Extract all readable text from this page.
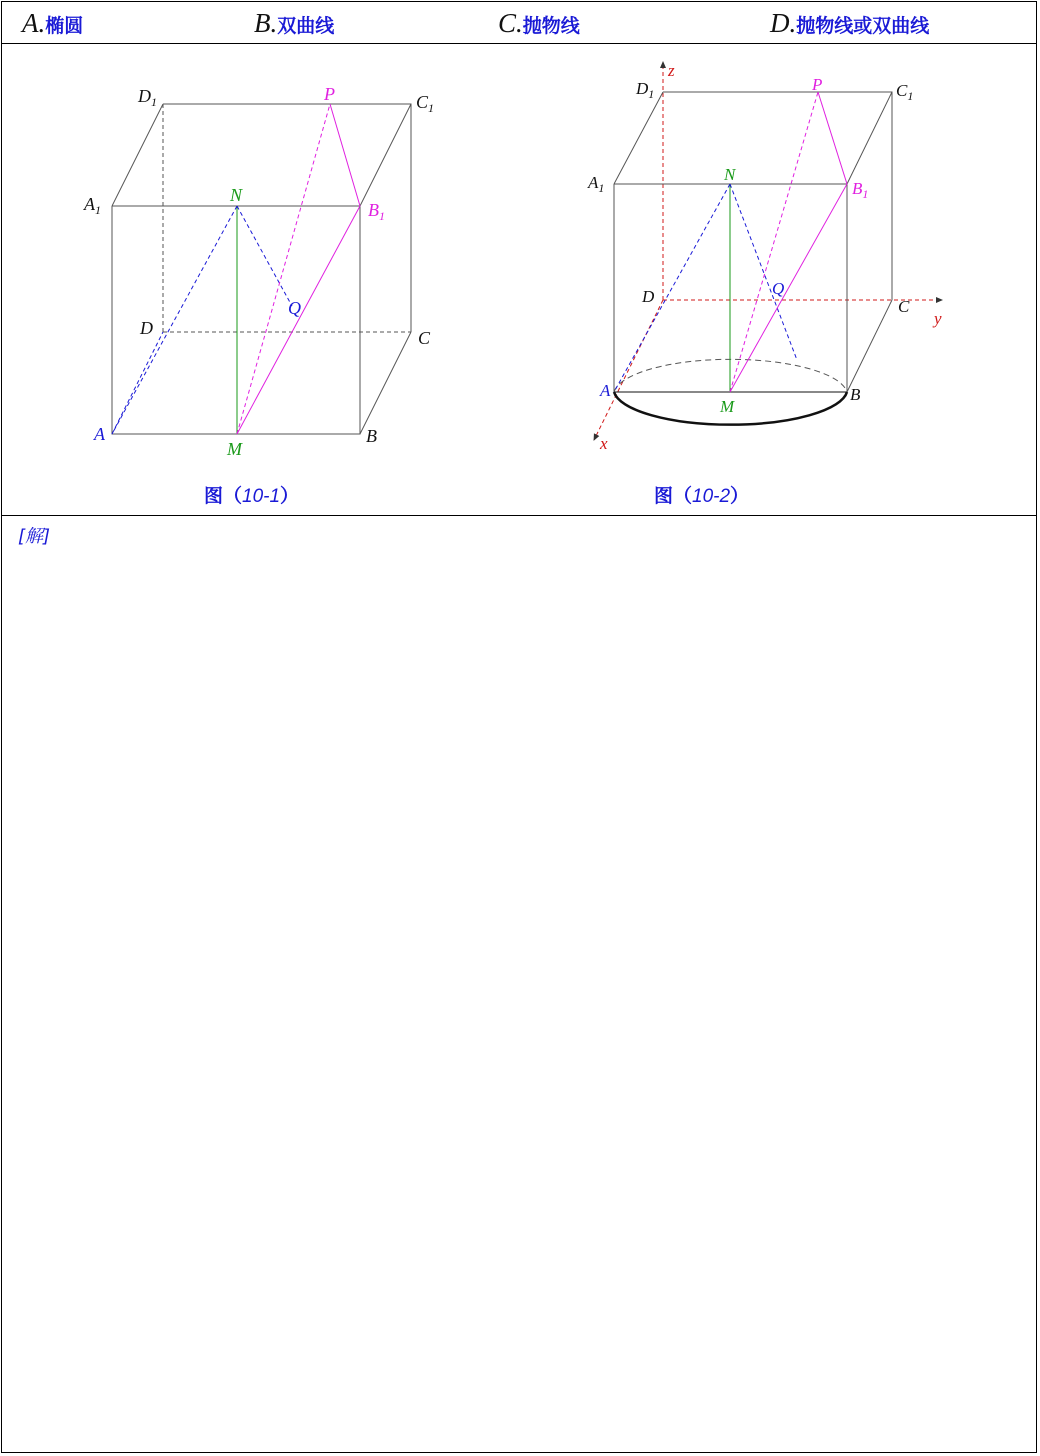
A.椭圆	B.双曲线	C.抛物线	D.抛物线或双曲线
$D_1$	$C_1$
P
$A_1$
N
$B_1$
Q
D	C
A
M
B
图（10-1）
z
$D_1$	$C_1$
P
$A_1$
N
$B_1$
Q
D
C
y
A
M
B
x
图（10-2）
[解]
